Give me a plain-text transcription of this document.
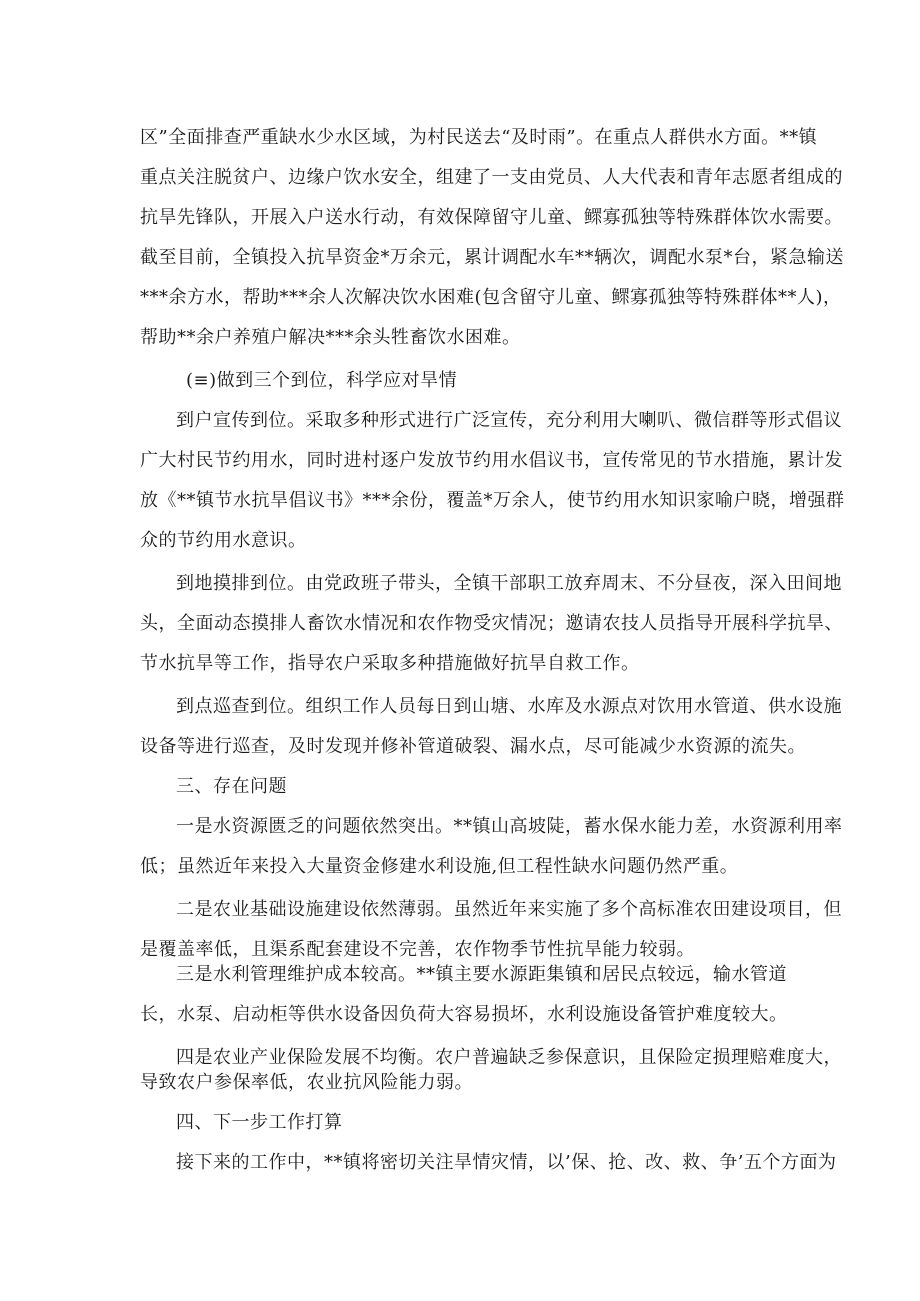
区”全面排查严重缺水少水区域，为村民送去“及时雨”。在重点人群供水方面。**镇
重点关注脱贫户、边缘户饮水安全，组建了一支由党员、人大代表和青年志愿者组成的
抗旱先锋队，开展入户送水行动，有效保障留守儿童、鳏寡孤独等特殊群体饮水需要。
截至目前，全镇投入抗旱资金*万余元，累计调配水车**辆次，调配水泵*台，紧急输送
***余方水，帮助***余人次解决饮水困难(包含留守儿童、鳏寡孤独等特殊群体**人)，
帮助**余户养殖户解决***余头牲畜饮水困难。
(≡)做到三个到位，科学应对旱情
到户宣传到位。采取多种形式进行广泛宣传，充分利用大喇叭、微信群等形式倡议
广大村民节约用水，同时进村逐户发放节约用水倡议书，宣传常见的节水措施，累计发
放《**镇节水抗旱倡议书》***余份，覆盖*万余人，使节约用水知识家喻户晓，增强群
众的节约用水意识。
到地摸排到位。由党政班子带头，全镇干部职工放弃周末、不分昼夜，深入田间地
头，全面动态摸排人畜饮水情况和农作物受灾情况；邀请农技人员指导开展科学抗旱、
节水抗旱等工作，指导农户采取多种措施做好抗旱自救工作。
到点巡查到位。组织工作人员每日到山塘、水库及水源点对饮用水管道、供水设施
设备等进行巡查，及时发现并修补管道破裂、漏水点，尽可能减少水资源的流失。
三、存在问题
一是水资源匮乏的问题依然突出。**镇山高坡陡，蓄水保水能力差，水资源利用率
低；虽然近年来投入大量资金修建水利设施,但工程性缺水问题仍然严重。
二是农业基础设施建设依然薄弱。虽然近年来实施了多个高标准农田建设项目，但
是覆盖率低，且渠系配套建设不完善，农作物季节性抗旱能力较弱。
三是水利管理维护成本较高。**镇主要水源距集镇和居民点较远，输水管道
长，水泵、启动柜等供水设备因负荷大容易损坏，水利设施设备管护难度较大。
四是农业产业保险发展不均衡。农户普遍缺乏参保意识，且保险定损理赔难度大，
导致农户参保率低，农业抗风险能力弱。
四、下一步工作打算
接下来的工作中，**镇将密切关注旱情灾情，以’保、抢、改、救、争’五个方面为
